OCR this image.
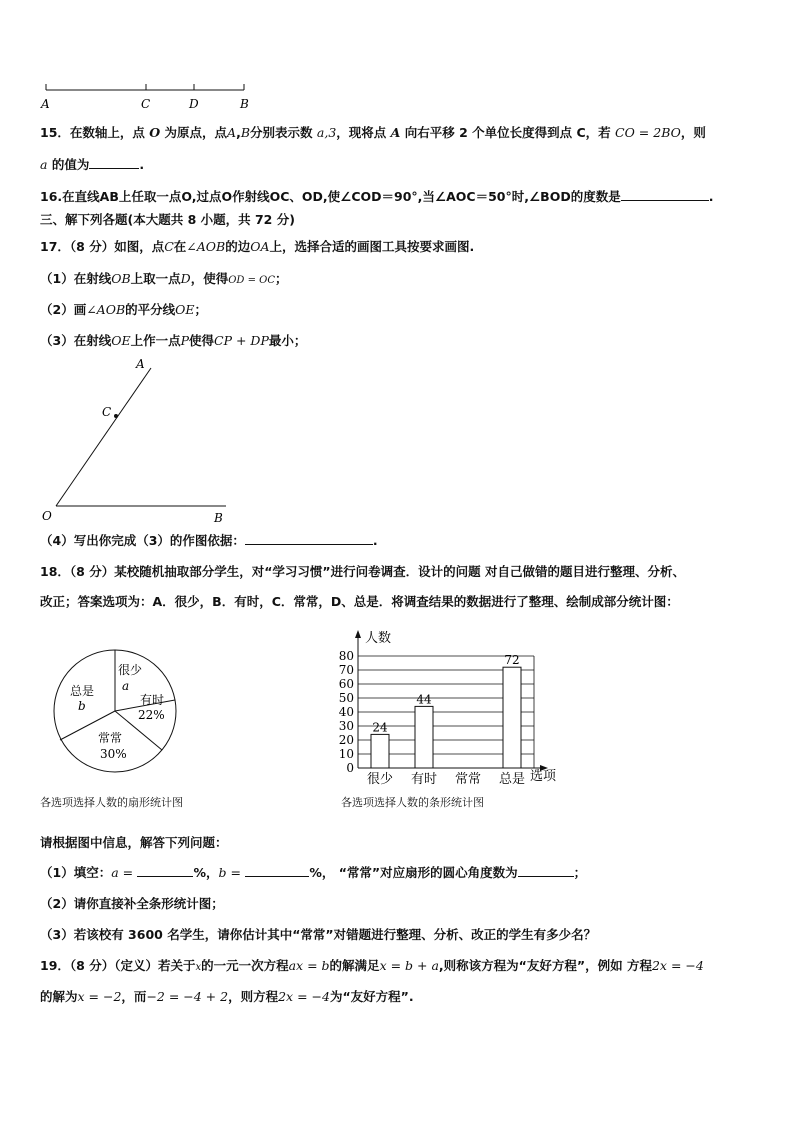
A	C	D	B
15．在数轴上，点 O 为原点，点A,B分别表示数 a,3，现将点 A 向右平移 2 个单位长度得到点 C，若 CO = 2BO，则
a 的值为	.
16.在直线AB上任取一点O,过点O作射线OC、OD,使∠COD＝90°,当∠AOC＝50°时,∠BOD的度数是	.
三、解下列各题(本大题共 8 小题，共 72 分)
17．（8 分）如图，点C在∠AOB的边OA上，选择合适的画图工具按要求画图.
（1）在射线OB上取一点D，使得OD = OC；
（2）画∠AOB的平分线OE；
（3）在射线OE上作一点P使得CP + DP最小；
A
C
O	B
（4）写出你完成（3）的作图依据：	.
18．（8 分）某校随机抽取部分学生，对“学习习惯”进行问卷调查．设计的问题 对自己做错的题目进行整理、分析、
改正；答案选项为：A．很少，B．有时，C．常常，D、总是．将调查结果的数据进行了整理、绘制成部分统计图：
很少
a
有时
22%
常常
30%
总是
b
各选项选择人数的扇形统计图
0
10
20
30
40
50
60
70
80
24
很少
44
有时 常常
72
总是
人数
选项
各选项选择人数的条形统计图
请根据图中信息，解答下列问题：
（1）填空：a =	%，b =	%， “常常”对应扇形的圆心角度数为	；
（2）请你直接补全条形统计图；
（3）若该校有 3600 名学生，请你估计其中“常常”对错题进行整理、分析、改正的学生有多少名？
19．（8 分）（定义）若关于x的一元一次方程ax = b的解满足x = b + a,则称该方程为“友好方程”，例如 方程2x = −4
的解为x = −2，而−2 = −4 + 2，则方程2x = −4为“友好方程”.
